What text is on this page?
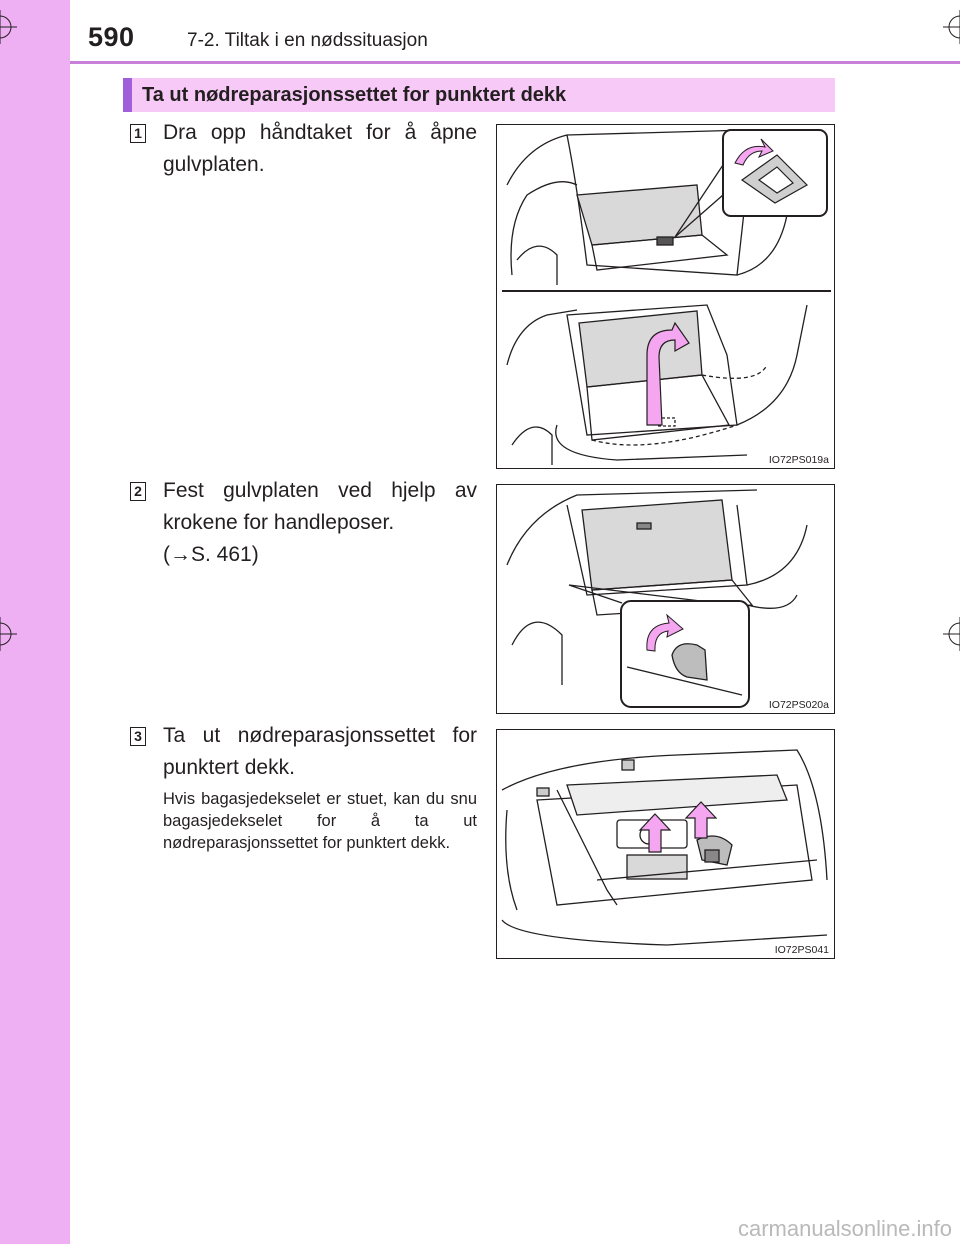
590	7-2. Tiltak i en nødssituasjon
Ta ut nødreparasjonssettet for punktert dekk
1 Dra opp håndtaket for å åpne
gulvplaten.
IO72PS019a
2 Fest gulvplaten ved hjelp av
krokene for handleposer.
(→S. 461)
IO72PS020a
3 Ta ut nødreparasjonssettet for
punktert dekk.
Hvis bagasjedekselet er stuet, kan du snu bagasjedekselet for å ta ut nødreparasjonssettet for punktert dekk.
IO72PS041
carmanualsonline.info
